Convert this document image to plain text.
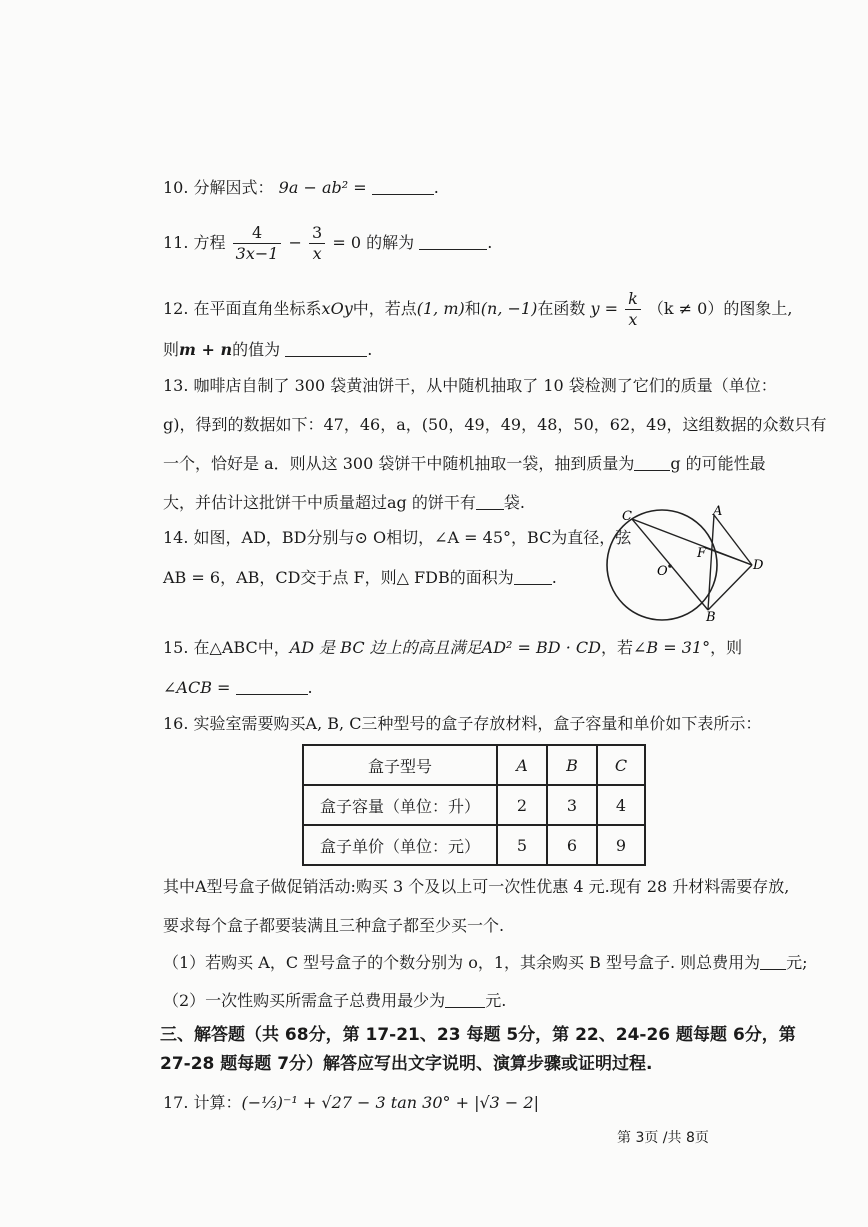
10. 分解因式： 9a − ab² =	.
11. 方程 $\frac{4}{3x-1} - \frac{3}{x} = 0$ 的解为	.
12. 在平面直角坐标系xOy中，若点(1, m)和(n, −1)在函数 $y = \frac{k}{x} (k \ne 0)$的图象上,
则m + n的值为	.
13. 咖啡店自制了 300 袋黄油饼干，从中随机抽取了 10 袋检测了它们的质量（单位：
g)，得到的数据如下：47，46，a，(50，49，49，48，50，62，49，这组数据的众数只有
一个，恰好是 a．则从这 300 袋饼干中随机抽取一袋，抽到质量为 g 的可能性最
大，并估计这批饼干中质量超过ag 的饼干有 袋.
14. 如图，AD，BD分别与⊙ O相切，∠A = 45°，BC为直径，弦
AB = 6，AB，CD交于点 F，则△ FDB的面积为 .
C	A
F
O	D
B
15. 在△ABC中，AD 是 BC 边上的高且满足AD² = BD · CD，若∠B = 31°，则
∠ACB =	.
16. 实验室需要购买A, B, C三种型号的盒子存放材料，盒子容量和单价如下表所示：
盒子型号	A	B	C
盒子容量（单位：升）	2	3	4
盒子单价（单位：元）	5	6	9
其中A型号盒子做促销活动:购买 3 个及以上可一次性优惠 4 元.现有 28 升材料需要存放,
要求每个盒子都要装满且三种盒子都至少买一个.
（1）若购买 A，C 型号盒子的个数分别为 o，1，其余购买 B 型号盒子. 则总费用为 元;
（2）一次性购买所需盒子总费用最少为	元.
三、解答题（共 68分，第 17-21、23 每题 5分，第 22、24-26 题每题 6分，第
27-28 题每题 7分）解答应写出文字说明、演算步骤或证明过程.
17. 计算：(−⅓)⁻¹ + √27 − 3 tan 30° + |√3 − 2|
第 3页 /共 8页
